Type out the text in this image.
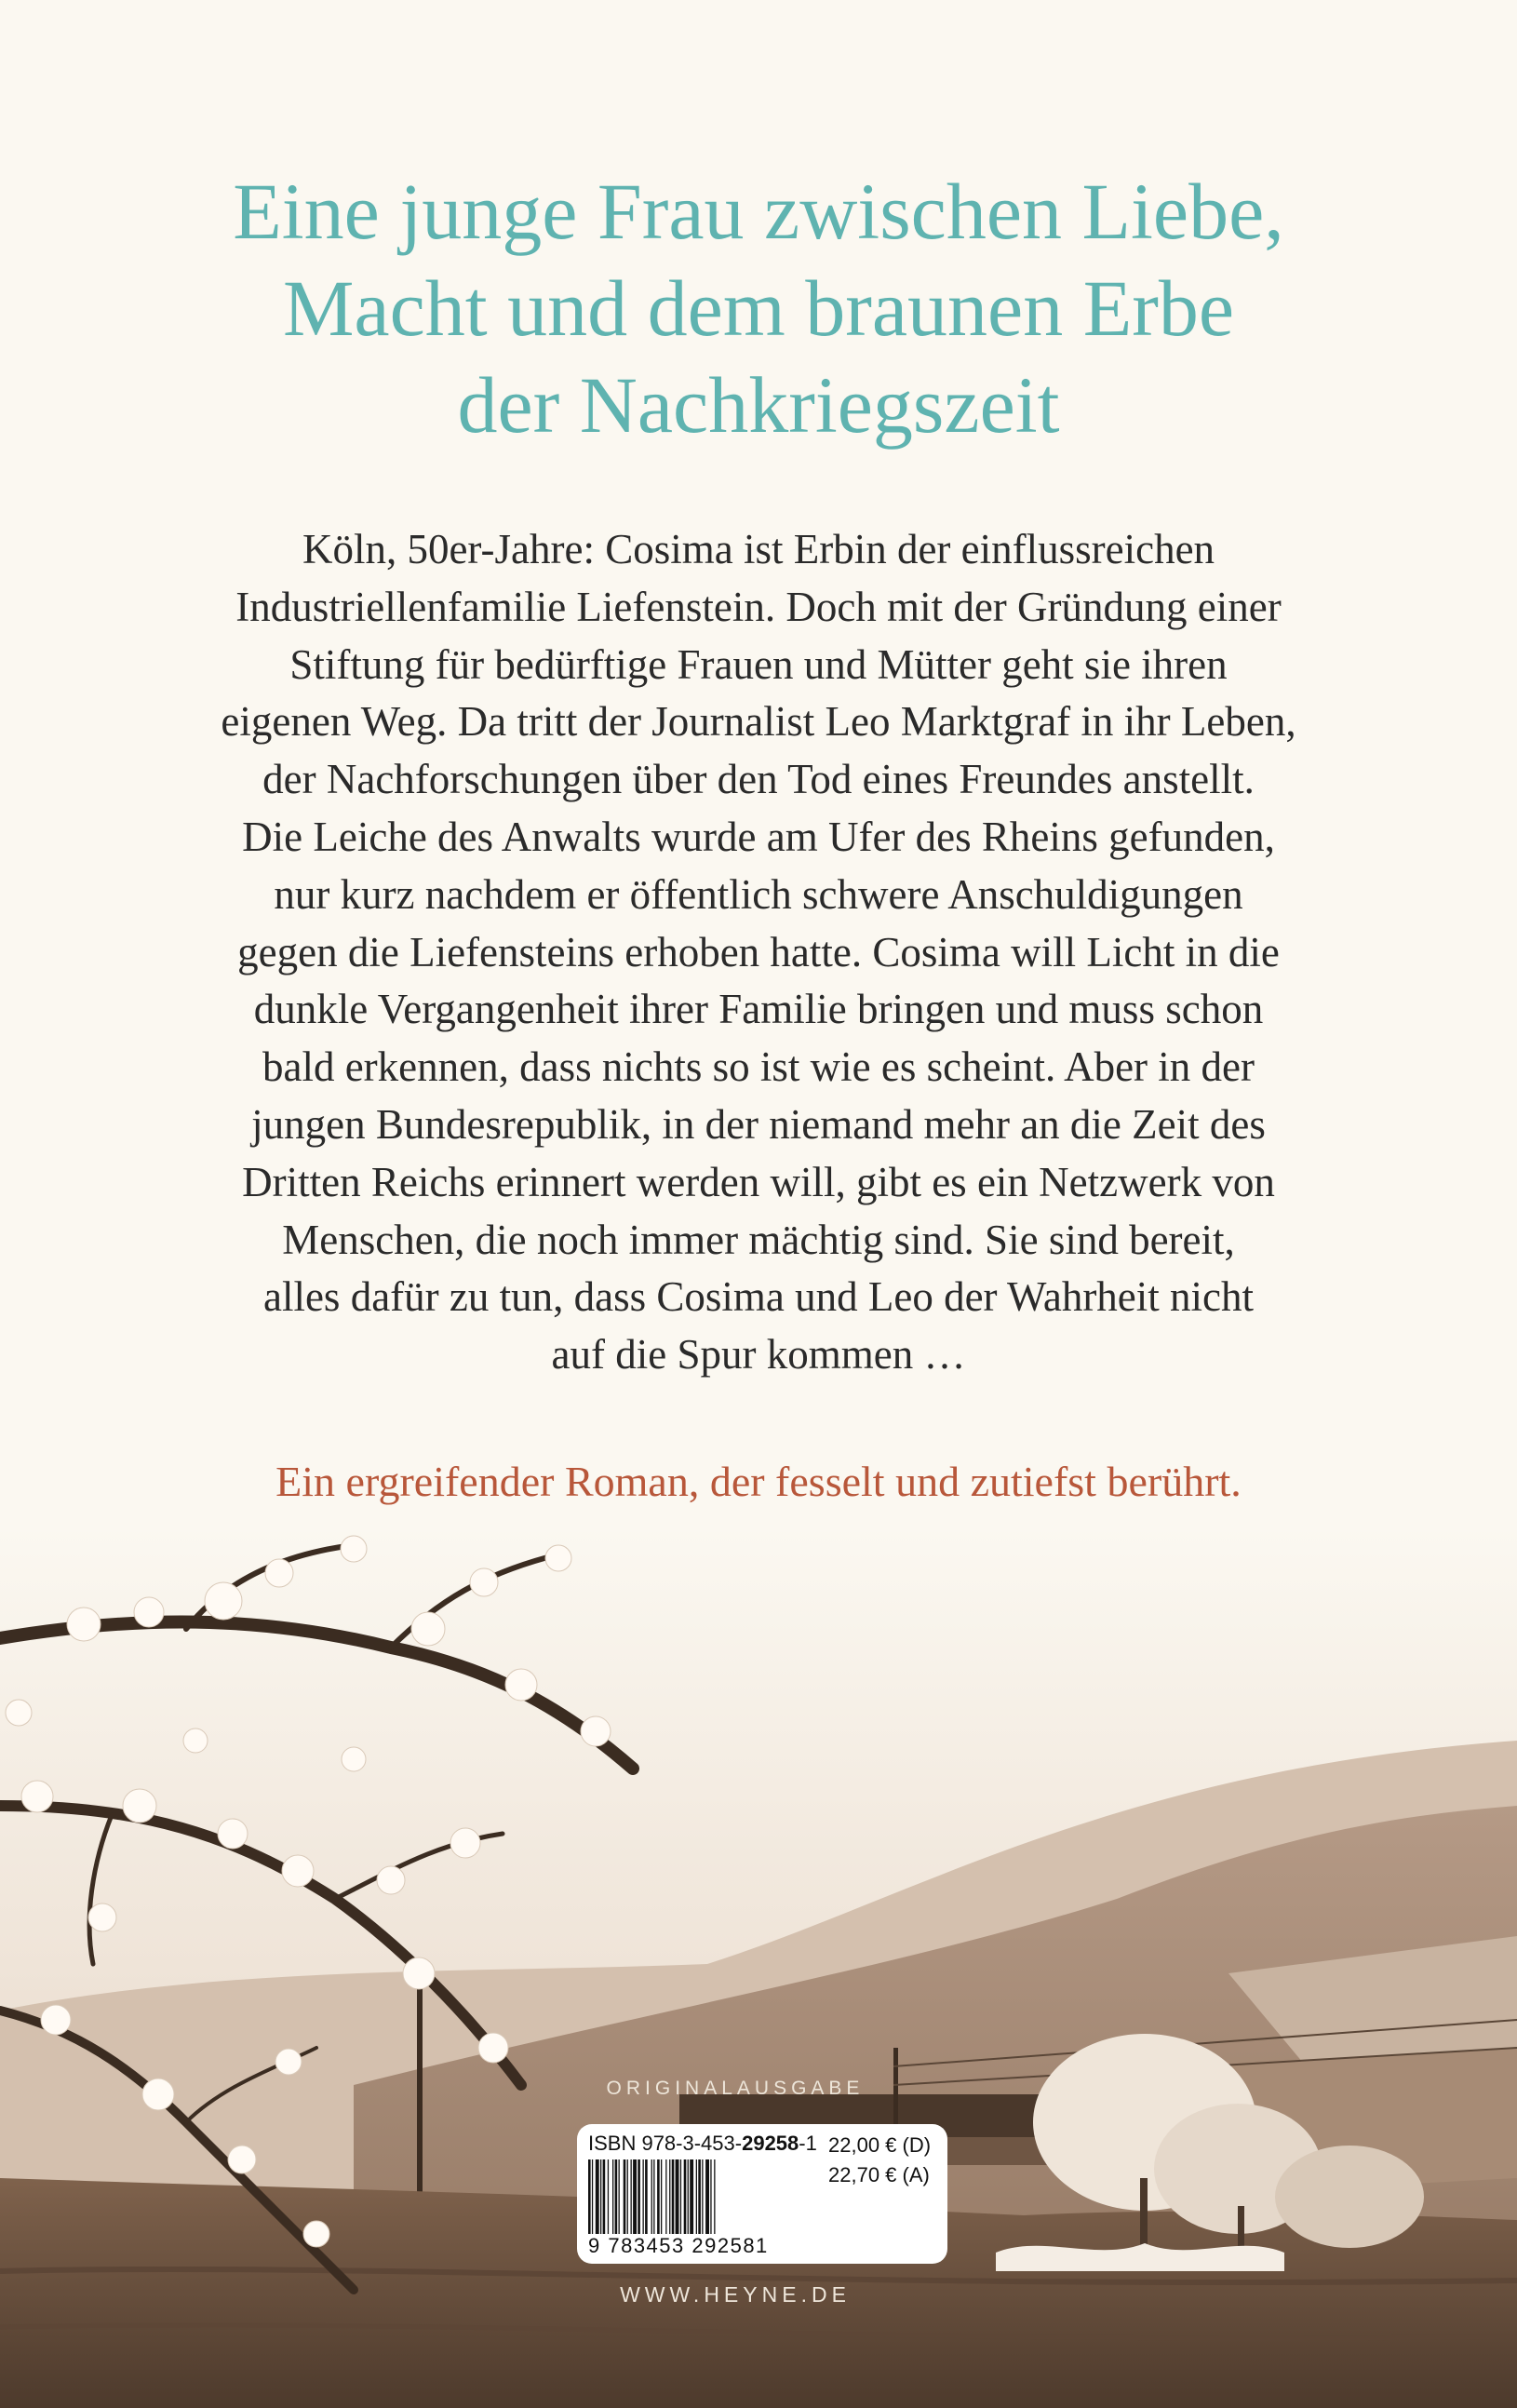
Eine junge Frau zwischen Liebe,
Macht und dem braunen Erbe
der Nachkriegszeit
Köln, 50er-Jahre: Cosima ist Erbin der einflussreichen
Industriellenfamilie Liefenstein. Doch mit der Gründung einer
Stiftung für bedürftige Frauen und Mütter geht sie ihren
eigenen Weg. Da tritt der Journalist Leo Marktgraf in ihr Leben,
der Nachforschungen über den Tod eines Freundes anstellt.
Die Leiche des Anwalts wurde am Ufer des Rheins gefunden,
nur kurz nachdem er öffentlich schwere Anschuldigungen
gegen die Liefensteins erhoben hatte. Cosima will Licht in die
dunkle Vergangenheit ihrer Familie bringen und muss schon
bald erkennen, dass nichts so ist wie es scheint. Aber in der
jungen Bundesrepublik, in der niemand mehr an die Zeit des
Dritten Reichs erinnert werden will, gibt es ein Netzwerk von
Menschen, die noch immer mächtig sind. Sie sind bereit,
alles dafür zu tun, dass Cosima und Leo der Wahrheit nicht
auf die Spur kommen …
Ein ergreifender Roman, der fesselt und zutiefst berührt.
ORIGINALAUSGABE
ISBN 978-3-453-29258-1
9 783453 292581
22,00 € (D)
22,70 € (A)
WWW.HEYNE.DE
